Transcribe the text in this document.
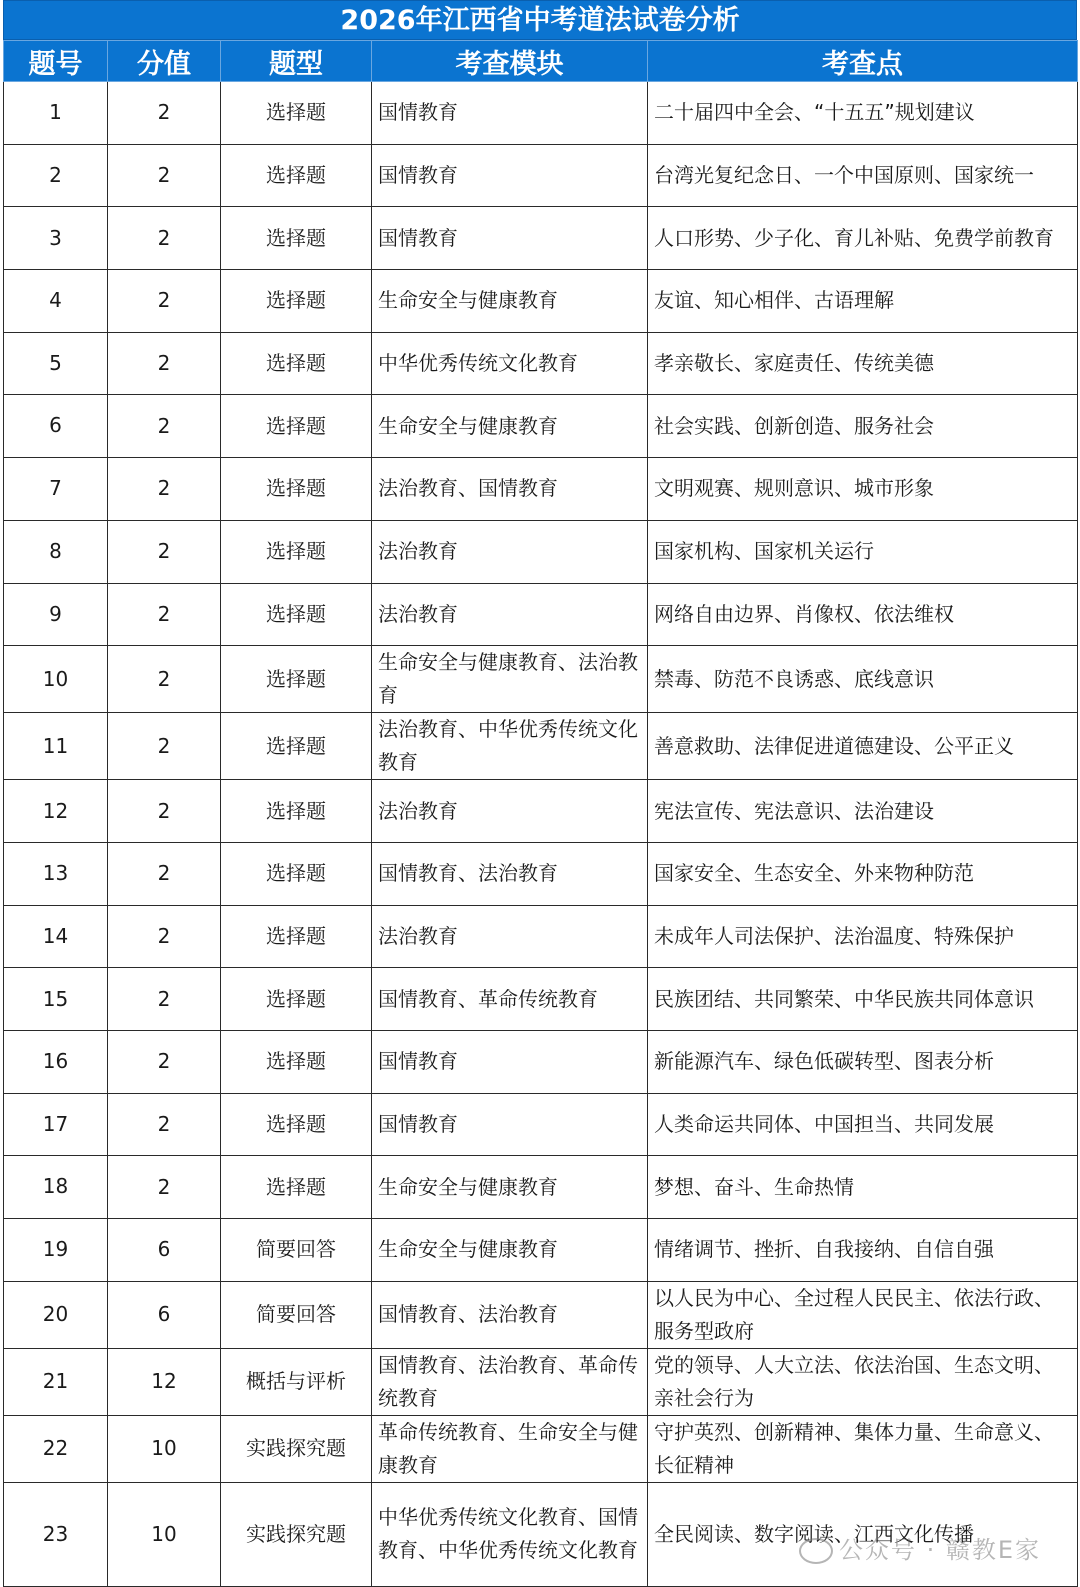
2026年江西省中考道法试卷分析
题号	分值	题型	考查模块	考查点
1	2	选择题	国情教育	二十届四中全会、“十五五”规划建议
2	2	选择题	国情教育	台湾光复纪念日、一个中国原则、国家统一
3	2	选择题	国情教育	人口形势、少子化、育儿补贴、免费学前教育
4	2	选择题	生命安全与健康教育	友谊、知心相伴、古语理解
5	2	选择题	中华优秀传统文化教育	孝亲敬长、家庭责任、传统美德
6	2	选择题	生命安全与健康教育	社会实践、创新创造、服务社会
7	2	选择题	法治教育、国情教育	文明观赛、规则意识、城市形象
8	2	选择题	法治教育	国家机构、国家机关运行
9	2	选择题	法治教育	网络自由边界、肖像权、依法维权
10	2	选择题	生命安全与健康教育、法治教育	禁毒、防范不良诱惑、底线意识
11	2	选择题	法治教育、中华优秀传统文化教育	善意救助、法律促进道德建设、公平正义
12	2	选择题	法治教育	宪法宣传、宪法意识、法治建设
13	2	选择题	国情教育、法治教育	国家安全、生态安全、外来物种防范
14	2	选择题	法治教育	未成年人司法保护、法治温度、特殊保护
15	2	选择题	国情教育、革命传统教育	民族团结、共同繁荣、中华民族共同体意识
16	2	选择题	国情教育	新能源汽车、绿色低碳转型、图表分析
17	2	选择题	国情教育	人类命运共同体、中国担当、共同发展
18	2	选择题	生命安全与健康教育	梦想、奋斗、生命热情
19	6	简要回答	生命安全与健康教育	情绪调节、挫折、自我接纳、自信自强
20	6	简要回答	国情教育、法治教育	以人民为中心、全过程人民民主、依法行政、服务型政府
21	12	概括与评析	国情教育、法治教育、革命传统教育	党的领导、人大立法、依法治国、生态文明、亲社会行为
22	10	实践探究题	革命传统教育、生命安全与健康教育	守护英烈、创新精神、集体力量、生命意义、长征精神
23	10	实践探究题	中华优秀传统文化教育、国情教育、中华优秀传统文化教育	全民阅读、数字阅读、江西文化传播
公众号 · 赣教E家
